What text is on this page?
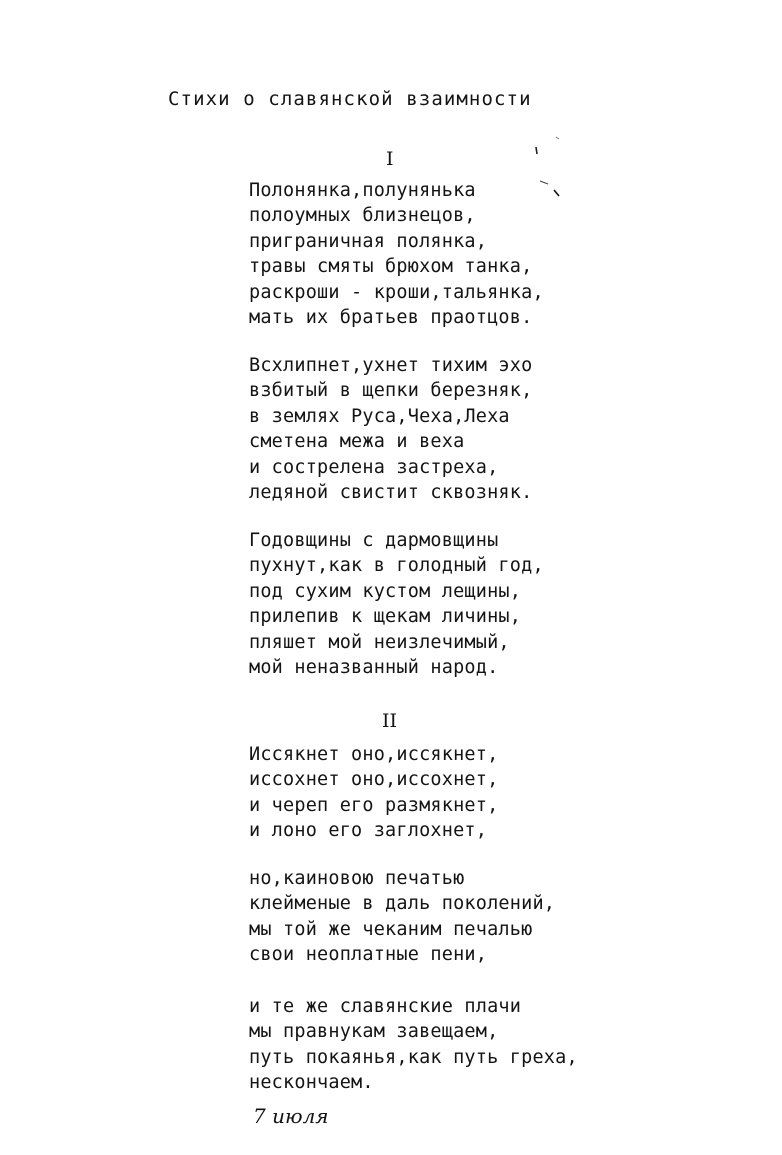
Стихи о славянской взаимности
I
Полонянка,полунянька
полоумных близнецов,
приграничная полянка,
травы смяты брюхом танка,
раскроши - кроши,тальянка,
мать их братьев праотцов.
Всхлипнет,ухнет тихим эхо
взбитый в щепки березняк,
в землях Руса,Чеха,Леха
сметена межа и веха
и сострелена застреха,
ледяной свистит сквозняк.
Годовщины с дармовщины
пухнут,как в голодный год,
под сухим кустом лещины,
прилепив к щекам личины,
пляшет мой неизлечимый,
мой неназванный народ.
II
Иссякнет оно,иссякнет,
иссохнет оно,иссохнет,
и череп его размякнет,
и лоно его заглохнет,
но,каиновою печатью
клейменые в даль поколений,
мы той же чеканим печалью
свои неоплатные пени,
и те же славянские плачи
мы правнукам завещаем,
путь покаянья,как путь греха,
нескончаем.
7 июля
